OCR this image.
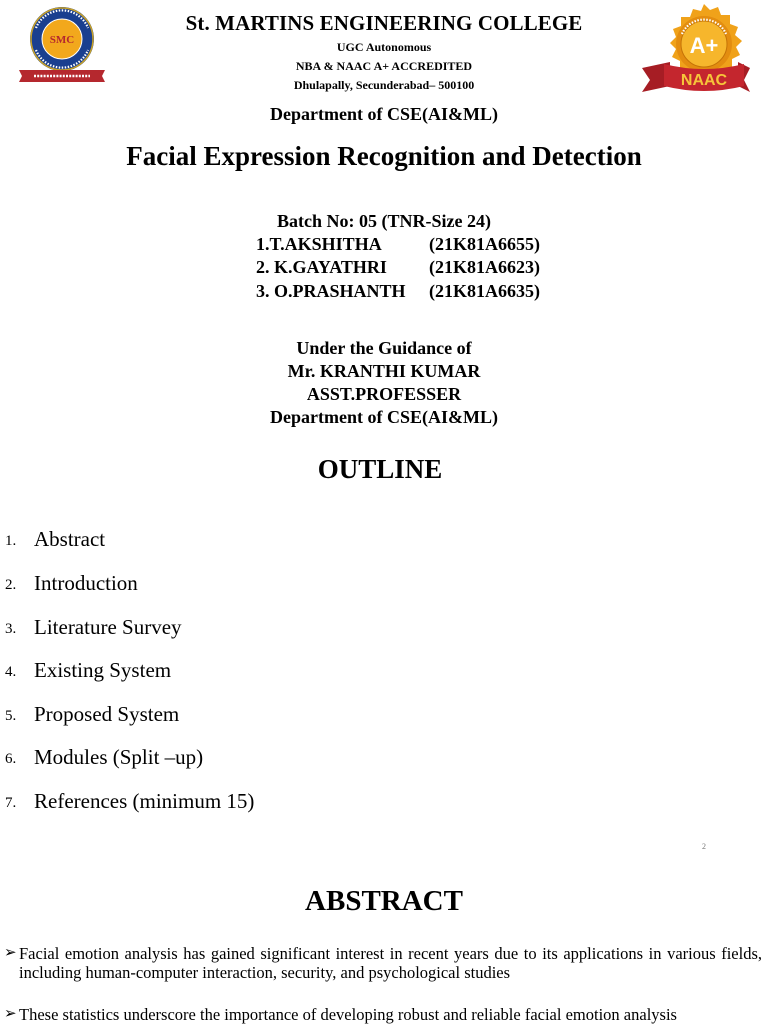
SMC	A+
NAAC
St. MARTINS ENGINEERING COLLEGE
UGC Autonomous
NBA & NAAC A+ ACCREDITED
Dhulapally, Secunderabad– 500100
Department of CSE(AI&ML)
Facial Expression Recognition and Detection
Batch No: 05 (TNR-Size 24)
1.T.AKSHITHA	(21K81A6655)
2. K.GAYATHRI (21K81A6623)
3. O.PRASHANTH (21K81A6635)
Under the Guidance of
Mr. KRANTHI KUMAR
ASST.PROFESSER
Department of CSE(AI&ML)
OUTLINE
1. Abstract
2. Introduction
3. Literature Survey
4. Existing System
5. Proposed System
6. Modules (Split –up)
7. References (minimum 15)
2
ABSTRACT
➢ Facial emotion analysis has gained significant interest in recent years due to its applications in various fields, including human-computer interaction, security, and psychological studies
➢ These statistics underscore the importance of developing robust and reliable facial emotion analysis
